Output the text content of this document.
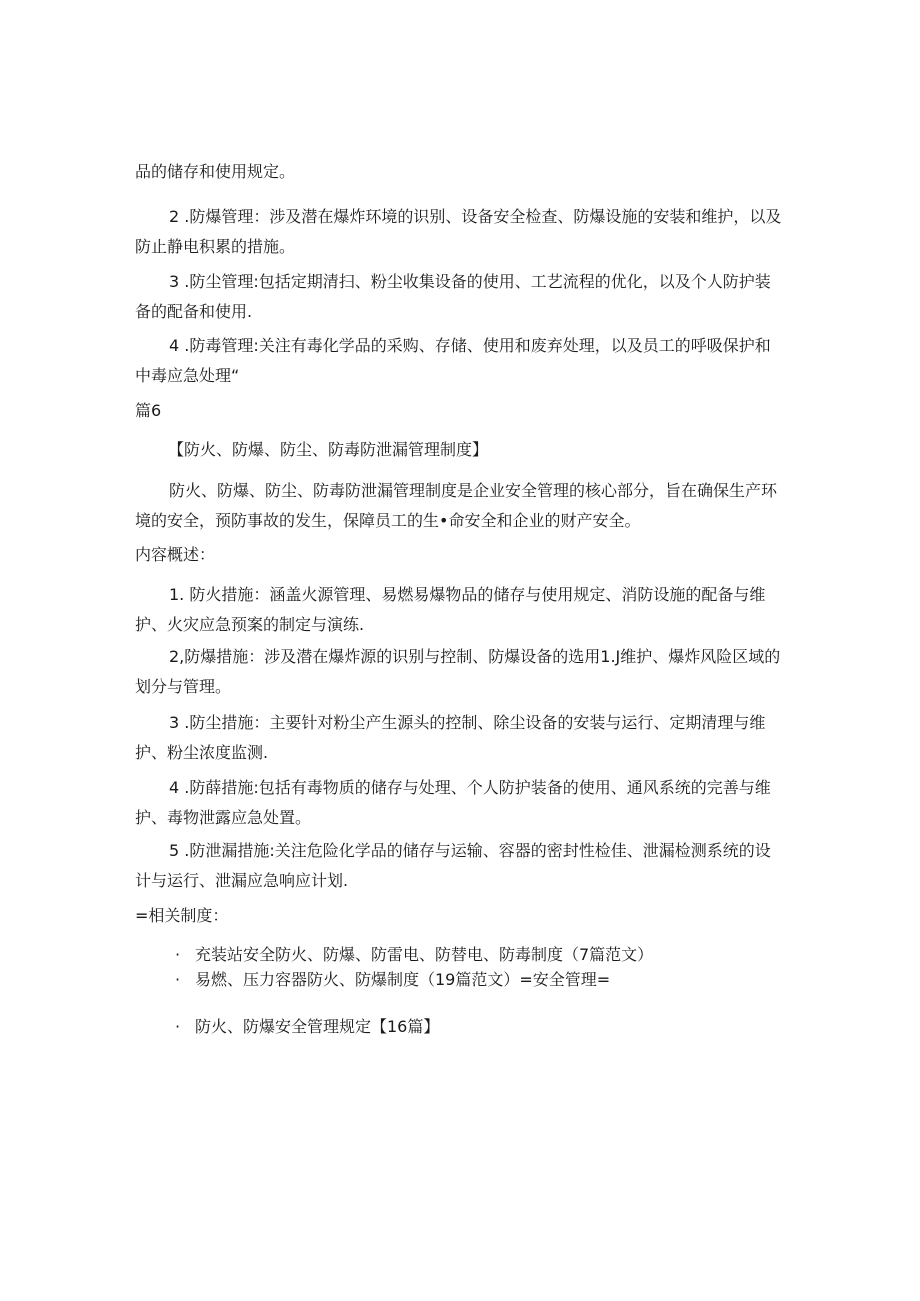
品的储存和使用规定。

2 .防爆管理：涉及潜在爆炸环境的识别、设备安全检查、防爆设施的安装和维护，以及防止静电积累的措施。

3 .防尘管理:包括定期清扫、粉尘收集设备的使用、工艺流程的优化，以及个人防护装备的配备和使用.

4 .防毒管理:关注有毒化学品的采购、存储、使用和废弃处理，以及员工的呼吸保护和中毒应急处理“

篇6

【防火、防爆、防尘、防毒防泄漏管理制度】

防火、防爆、防尘、防毒防泄漏管理制度是企业安全管理的核心部分，旨在确保生产环境的安全，预防事故的发生，保障员工的生•命安全和企业的财产安全。

内容概述：

1. 防火措施：涵盖火源管理、易燃易爆物品的储存与使用规定、消防设施的配备与维护、火灾应急预案的制定与演练.

2,防爆措施：涉及潜在爆炸源的识别与控制、防爆设备的选用1.J维护、爆炸风险区域的划分与管理。

3 .防尘措施：主要针对粉尘产生源头的控制、除尘设备的安装与运行、定期清理与维护、粉尘浓度监测.

4 .防薛措施:包括有毒物质的储存与处理、个人防护装备的使用、通风系统的完善与维护、毒物泄露应急处置。

5 .防泄漏措施:关注危险化学品的储存与运输、容器的密封性检佳、泄漏检测系统的设计与运行、泄漏应急响应计划.

=相关制度：

· 充装站安全防火、防爆、防雷电、防替电、防毒制度（7篇范文）

· 易燃、压力容器防火、防爆制度（19篇范文）=安全管理=

· 防火、防爆安全管理规定【16篇】
